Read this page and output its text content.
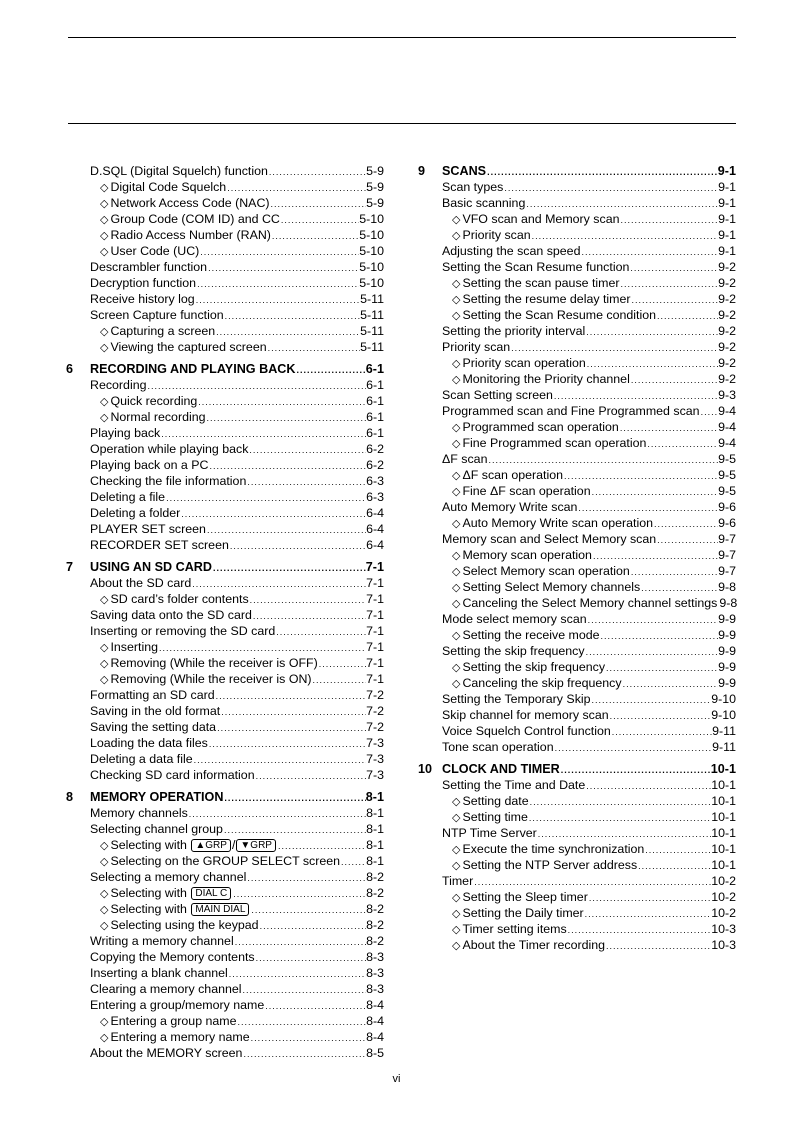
D.SQL (Digital Squelch) function .....	5-9
◇ Digital Code Squelch .....	5-9
◇ Network Access Code (NAC) .....	5-9
◇ Group Code (COM ID) and CC .....	5-10
◇ Radio Access Number (RAN) .....	5-10
◇ User Code (UC) .....	5-10
Descrambler function .....	5-10
Decryption function .....	5-10
Receive history log .....	5-11
Screen Capture function .....	5-11
◇ Capturing a screen .....	5-11
◇ Viewing the captured screen .....	5-11
6	RECORDING AND PLAYING BACK .....	6-1
Recording .....	6-1
◇ Quick recording .....	6-1
◇ Normal recording .....	6-1
Playing back .....	6-1
Operation while playing back .....	6-2
Playing back on a PC .....	6-2
Checking the file information .....	6-3
Deleting a file .....	6-3
Deleting a folder .....	6-4
PLAYER SET screen .....	6-4
RECORDER SET screen .....	6-4
7	USING AN SD CARD .....	7-1
About the SD card .....	7-1
◇ SD card’s folder contents .....	7-1
Saving data onto the SD card .....	7-1
Inserting or removing the SD card .....	7-1
◇ Inserting .....	7-1
◇ Removing (While the receiver is OFF) .....	7-1
◇ Removing (While the receiver is ON) .....	7-1
Formatting an SD card .....	7-2
Saving in the old format .....	7-2
Saving the setting data .....	7-2
Loading the data files .....	7-3
Deleting a data file .....	7-3
Checking SD card information .....	7-3
8	MEMORY OPERATION .....	8-1
Memory channels .....	8-1
Selecting channel group .....	8-1
◇ Selecting with ▲GRP / ▼GRP .....	8-1
◇ Selecting on the GROUP SELECT screen ..... 8-1
Selecting a memory channel .....	8-2
◇ Selecting with DIAL C .....	8-2
◇ Selecting with MAIN DIAL .....	8-2
◇ Selecting using the keypad .....	8-2
Writing a memory channel .....	8-2
Copying the Memory contents .....	8-3
Inserting a blank channel .....	8-3
Clearing a memory channel .....	8-3
Entering a group/memory name .....	8-4
◇ Entering a group name .....	8-4
◇ Entering a memory name .....	8-4
About the MEMORY screen .....	8-5
9	SCANS .....	9-1
Scan types .....	9-1
Basic scanning .....	9-1
◇ VFO scan and Memory scan .....	9-1
◇ Priority scan .....	9-1
Adjusting the scan speed .....	9-1
Setting the Scan Resume function .....	9-2
◇ Setting the scan pause timer .....	9-2
◇ Setting the resume delay timer .....	9-2
◇ Setting the Scan Resume condition .....	9-2
Setting the priority interval .....	9-2
Priority scan .....	9-2
◇ Priority scan operation .....	9-2
◇ Monitoring the Priority channel .....	9-2
Scan Setting screen .....	9-3
Programmed scan and Fine Programmed scan ..... 9-4
◇ Programmed scan operation .....	9-4
◇ Fine Programmed scan operation .....	9-4
ΔF scan .....	9-5
◇ ΔF scan operation .....	9-5
◇ Fine ΔF scan operation .....	9-5
Auto Memory Write scan .....	9-6
◇ Auto Memory Write scan operation .....	9-6
Memory scan and Select Memory scan .....	9-7
◇ Memory scan operation .....	9-7
◇ Select Memory scan operation .....	9-7
◇ Setting Select Memory channels .....	9-8
◇ Canceling the Select Memory channel settings ..... 9-8
Mode select memory scan .....	9-9
◇ Setting the receive mode .....	9-9
Setting the skip frequency .....	9-9
◇ Setting the skip frequency .....	9-9
◇ Canceling the skip frequency .....	9-9
Setting the Temporary Skip .....	9-10
Skip channel for memory scan .....	9-10
Voice Squelch Control function .....	9-11
Tone scan operation .....	9-11
10 CLOCK AND TIMER .....	10-1
Setting the Time and Date .....	10-1
◇ Setting date .....	10-1
◇ Setting time .....	10-1
NTP Time Server .....	10-1
◇ Execute the time synchronization .....	10-1
◇ Setting the NTP Server address .....	10-1
Timer .....	10-2
◇ Setting the Sleep timer .....	10-2
◇ Setting the Daily timer .....	10-2
◇ Timer setting items .....	10-3
◇ About the Timer recording .....	10-3
vi
